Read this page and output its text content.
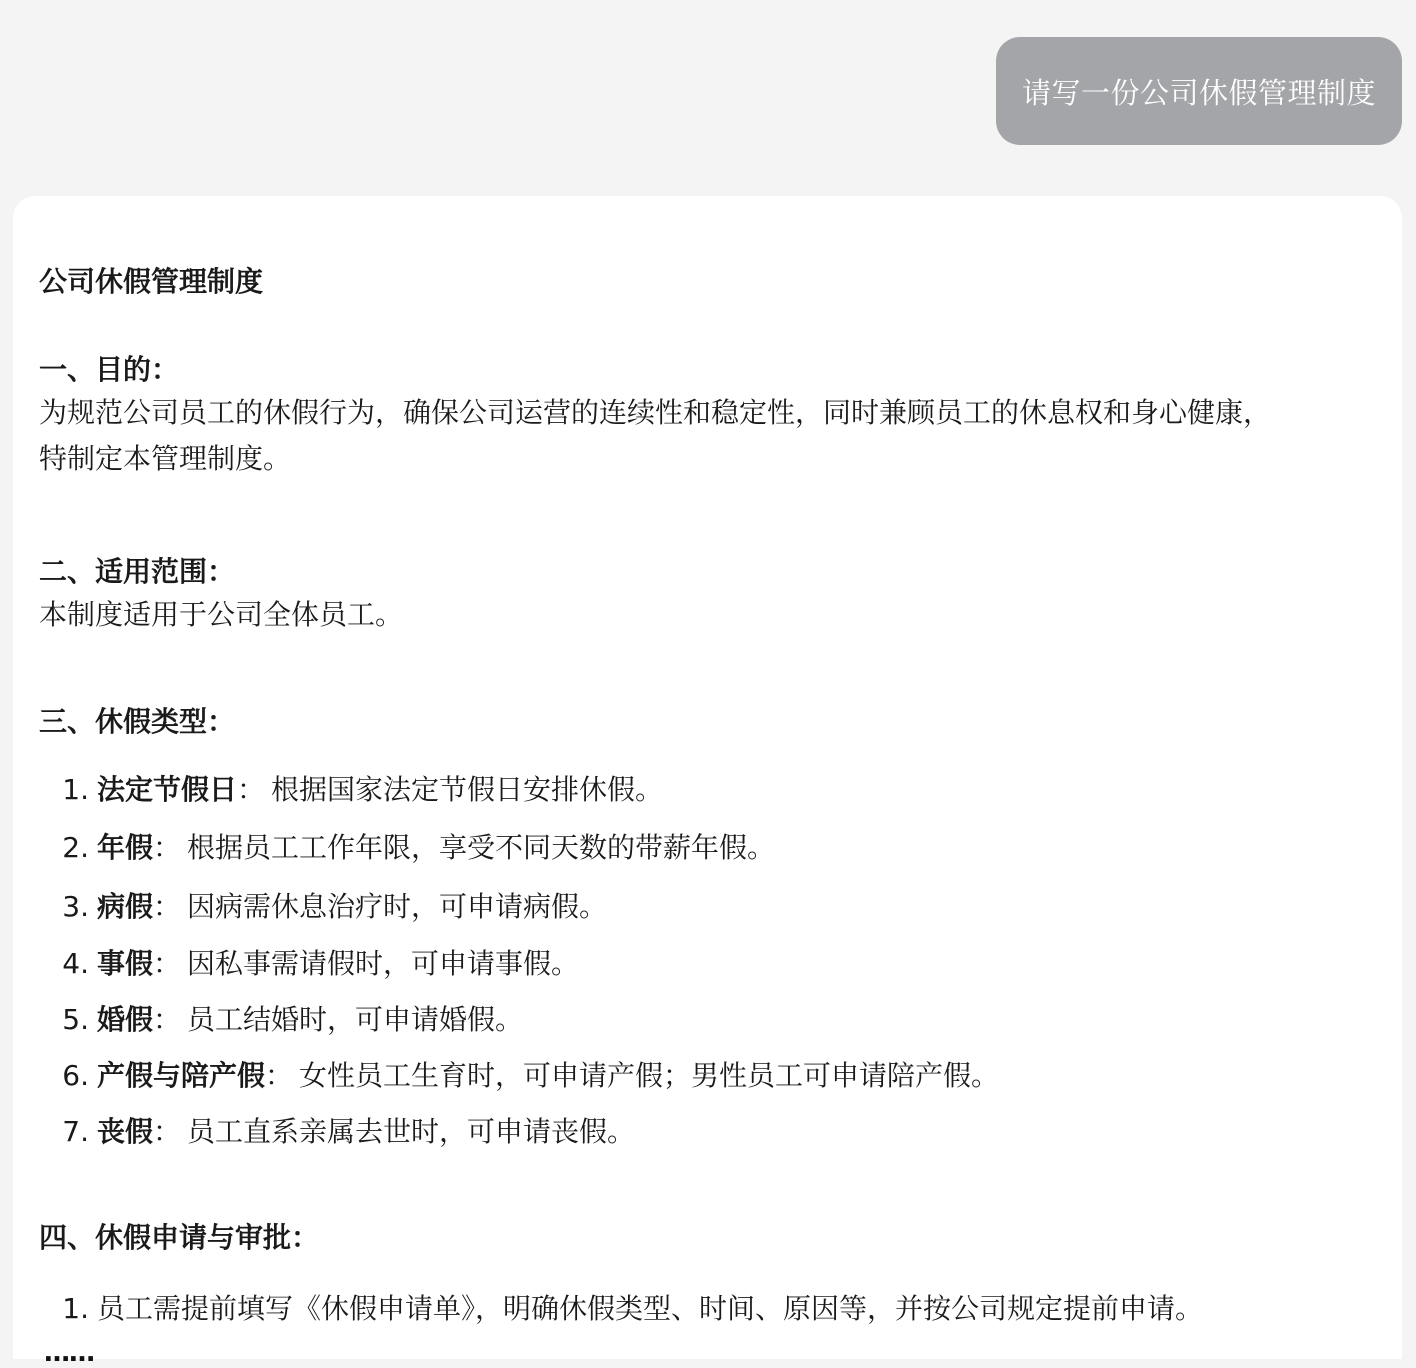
请写一份公司休假管理制度
公司休假管理制度
一、目的：

为规范公司员工的休假行为，确保公司运营的连续性和稳定性，同时兼顾员工的休息权和身心健康，

特制定本管理制度。

二、适用范围：

本制度适用于公司全体员工。

三、休假类型：
1. 法定节假日 ： 根据国家法定节假日安排休假。
2. 年假 ： 根据员工工作年限，享受不同天数的带薪年假。
3. 病假 ： 因病需休息治疗时，可申请病假。
4. 事假 ： 因私事需请假时，可申请事假。
5. 婚假 ： 员工结婚时，可申请婚假。
6. 产假与陪产假 ： 女性员工生育时，可申请产假；男性员工可申请陪产假。
7. 丧假 ： 员工直系亲属去世时，可申请丧假。
四、休假申请与审批：
1. 员工需提前填写《休假申请单》，明确休假类型、时间、原因等，并按公司规定提前申请。
……
